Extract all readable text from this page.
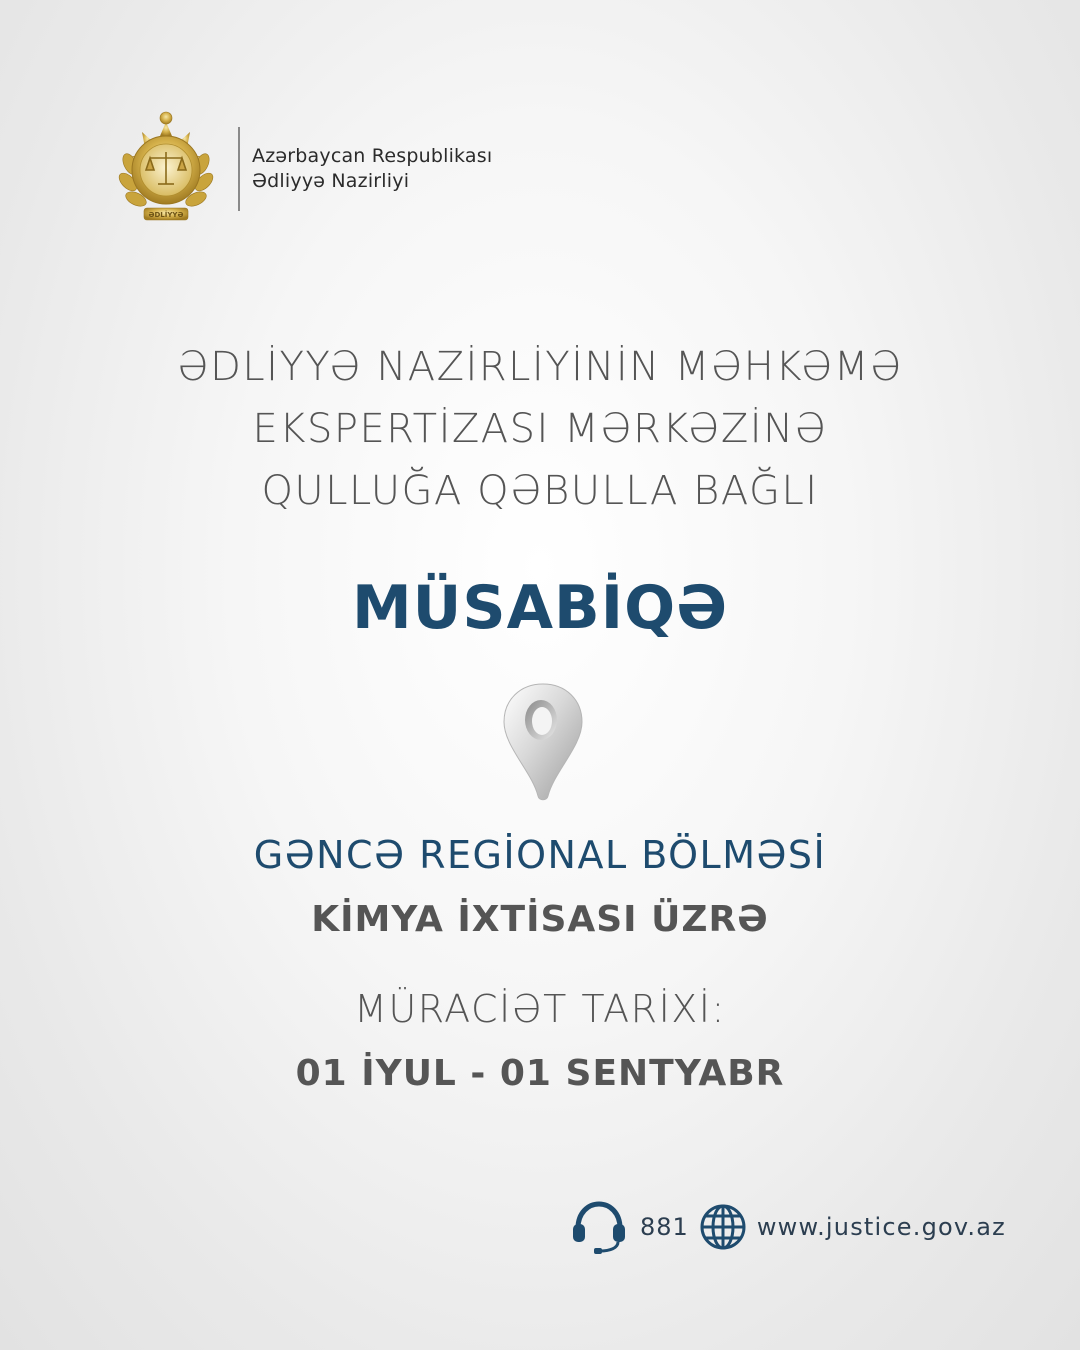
ƏDLİYYƏ
Azərbaycan Respublikası
Ədliyyə Nazirliyi
ƏDLİYYƏ NAZİRLİYİNİN MƏHKƏMƏ
EKSPERTİZASI MƏRKƏZİNƏ
QULLUĞA QƏBULLA BAĞLI
MÜSABİQƏ
GƏNCƏ REGİONAL BÖLMƏSİ
KİMYA İXTİSASI ÜZRƏ
MÜRACİƏT TARİXİ:
01 İYUL - 01 SENTYABR
881	www.justice.gov.az
